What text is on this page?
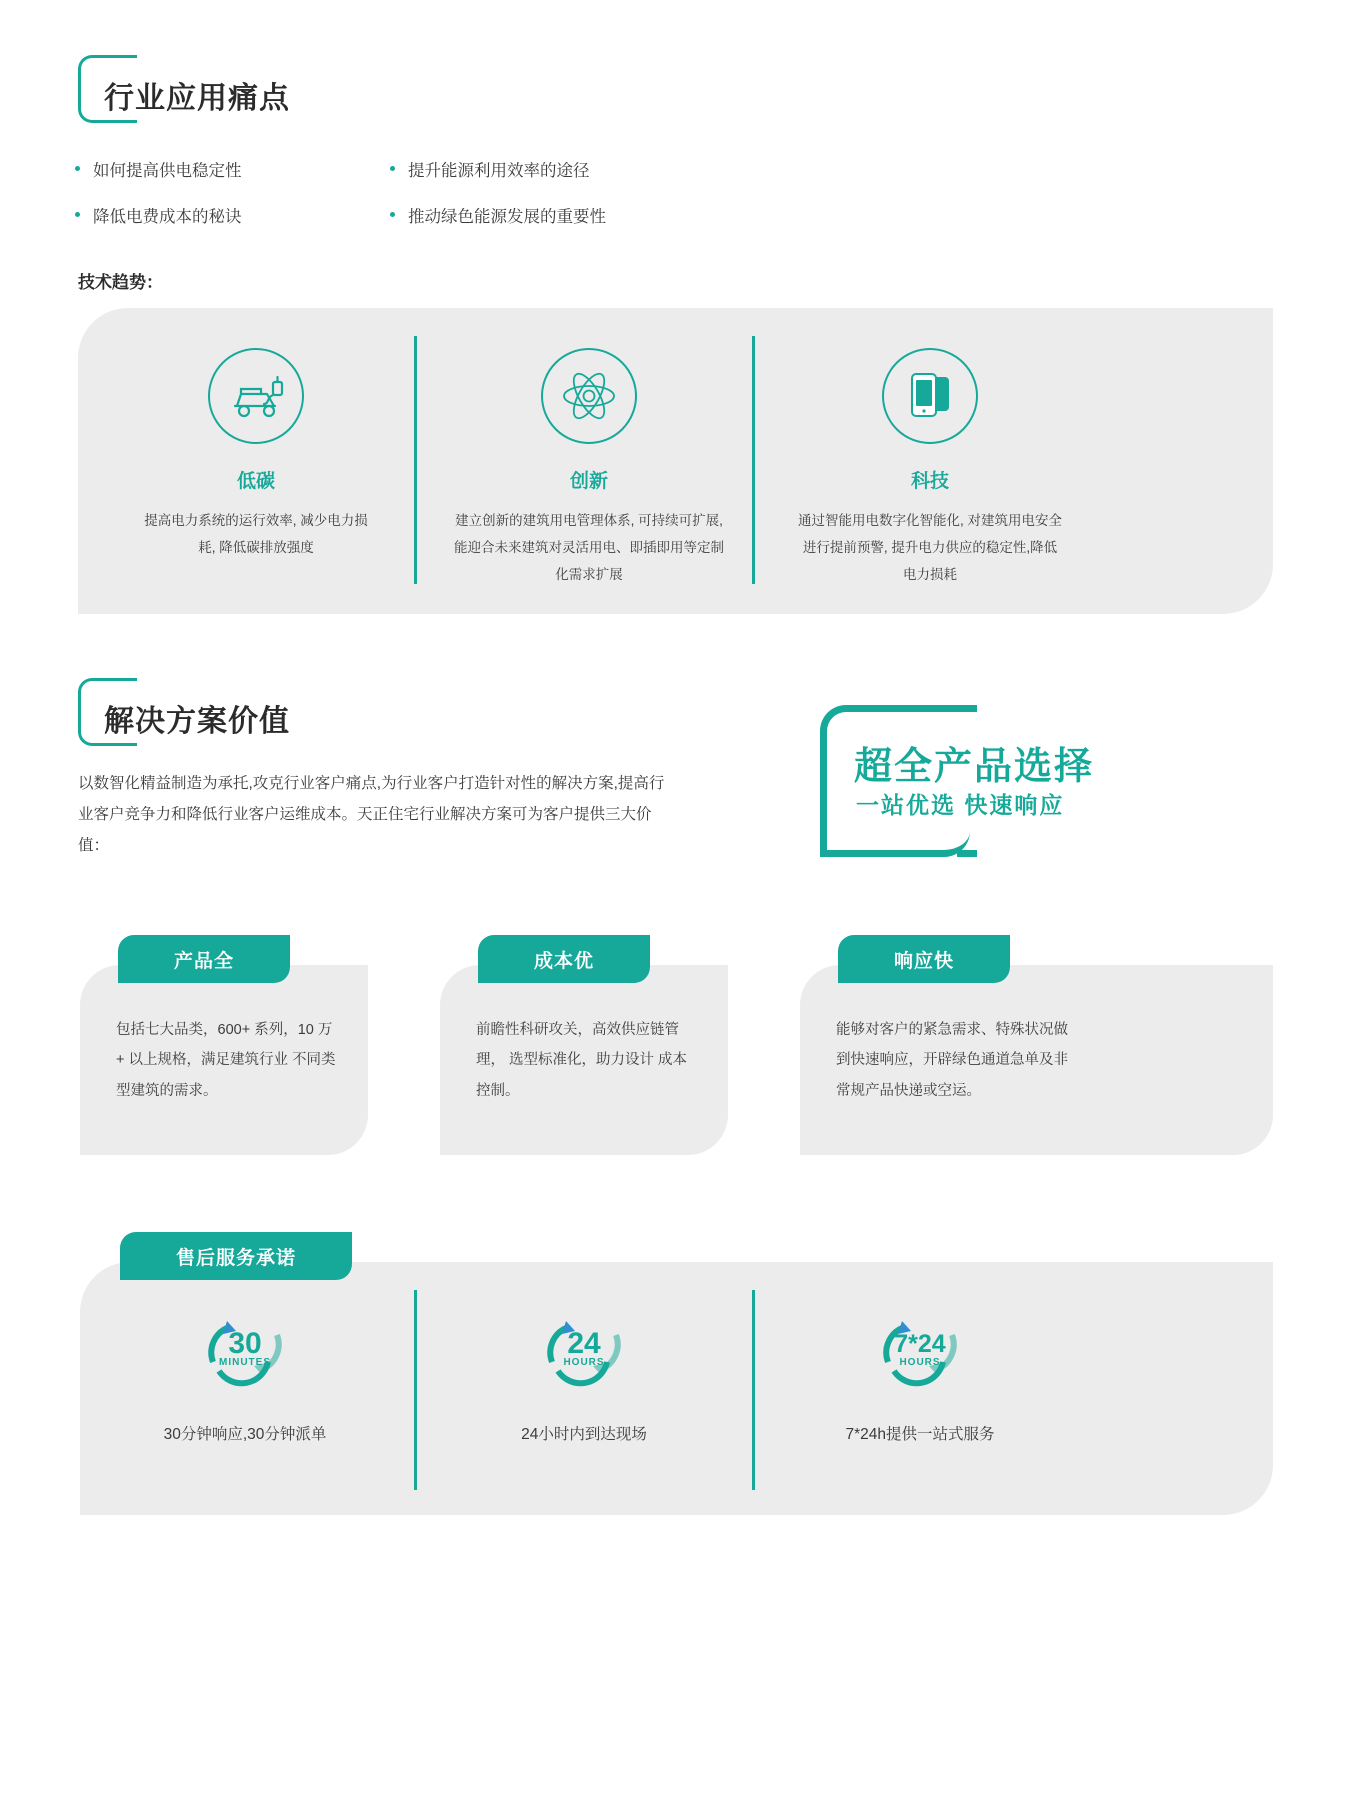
行业应用痛点
如何提高供电稳定性
降低电费成本的秘诀
提升能源利用效率的途径
推动绿色能源发展的重要性
技术趋势：
低碳
提高电力系统的运行效率, 减少电力损耗, 降低碳排放强度
创新
建立创新的建筑用电管理体系, 可持续可扩展, 能迎合未来建筑对灵活用电、即插即用等定制化需求扩展
科技
通过智能用电数字化智能化, 对建筑用电安全进行提前预警, 提升电力供应的稳定性,降低电力损耗
解决方案价值
以数智化精益制造为承托,攻克行业客户痛点,为行业客户打造针对性的解决方案,提高行业客户竞争力和降低行业客户运维成本。天正住宅行业解决方案可为客户提供三大价值：
超全产品选择
一站优选 快速响应
产品全
包括七大品类，600+ 系列，10 万 + 以上规格，满足建筑行业 不同类型建筑的需求。
成本优
前瞻性科研攻关，高效供应链管理， 选型标准化，助力设计 成本控制。
响应快
能够对客户的紧急需求、特殊状况做到快速响应，开辟绿色通道急单及非常规产品快递或空运。
售后服务承诺
30
MINUTES
30分钟响应,30分钟派单
24
HOURS
24小时内到达现场
7*24
HOURS
7*24h提供一站式服务
